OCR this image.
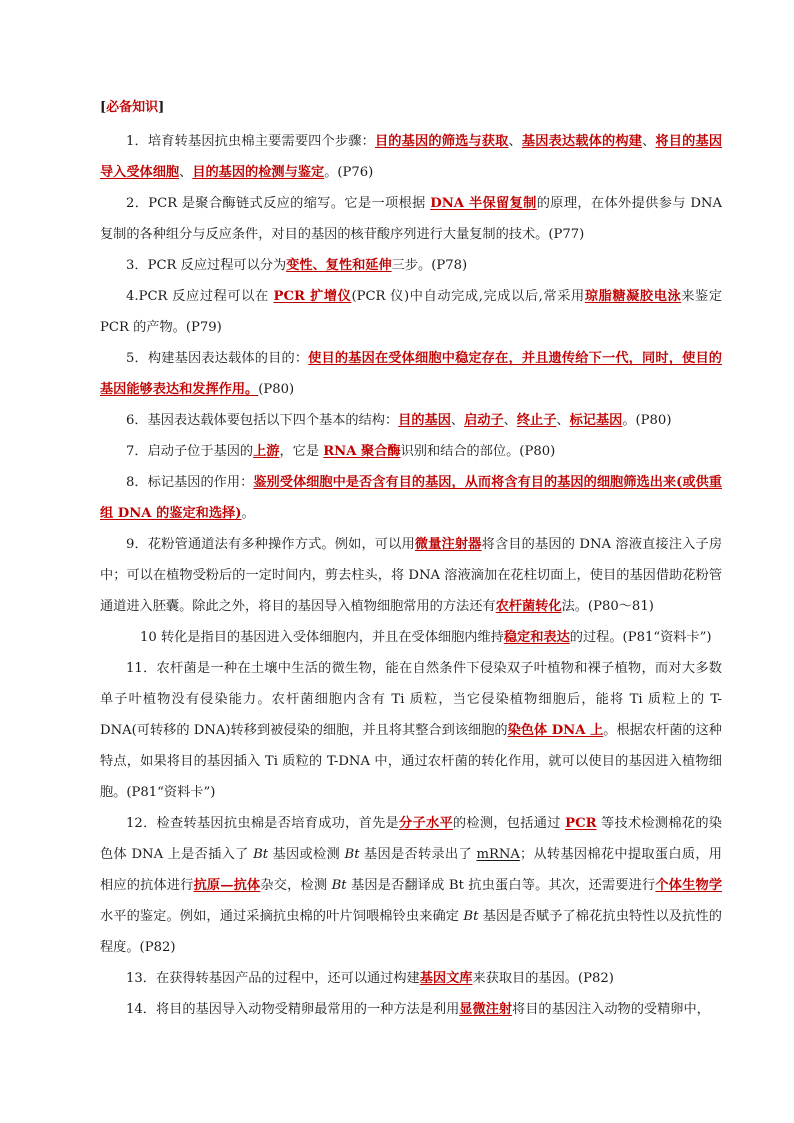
[必备知识]

1．培育转基因抗虫棉主要需要四个步骤：目的基因的筛选与获取、基因表达载体的构建、将目的基因导入受体细胞、目的基因的检测与鉴定。(P76)

2．PCR 是聚合酶链式反应的缩写。它是一项根据 DNA 半保留复制的原理，在体外提供参与 DNA 复制的各种组分与反应条件，对目的基因的核苷酸序列进行大量复制的技术。(P77)

3．PCR 反应过程可以分为变性、复性和延伸三步。(P78)

4.PCR 反应过程可以在 PCR 扩增仪(PCR 仪)中自动完成,完成以后,常采用琼脂糖凝胶电泳来鉴定 PCR 的产物。(P79)

5．构建基因表达载体的目的：使目的基因在受体细胞中稳定存在，并且遗传给下一代，同时，使目的基因能够表达和发挥作用。(P80)

6．基因表达载体要包括以下四个基本的结构：目的基因、启动子、终止子、标记基因。(P80)

7．启动子位于基因的上游，它是 RNA 聚合酶识别和结合的部位。(P80)

8．标记基因的作用：鉴别受体细胞中是否含有目的基因，从而将含有目的基因的细胞筛选出来(或供重组 DNA 的鉴定和选择)。

9．花粉管通道法有多种操作方式。例如，可以用微量注射器将含目的基因的 DNA 溶液直接注入子房中；可以在植物受粉后的一定时间内，剪去柱头，将 DNA 溶液滴加在花柱切面上，使目的基因借助花粉管通道进入胚囊。除此之外，将目的基因导入植物细胞常用的方法还有农杆菌转化法。(P80～81)

10 转化是指目的基因进入受体细胞内，并且在受体细胞内维持稳定和表达的过程。(P81“资料卡”)

11．农杆菌是一种在土壤中生活的微生物，能在自然条件下侵染双子叶植物和裸子植物，而对大多数单子叶植物没有侵染能力。农杆菌细胞内含有 Ti 质粒，当它侵染植物细胞后，能将 Ti 质粒上的 T-DNA(可转移的 DNA)转移到被侵染的细胞，并且将其整合到该细胞的染色体 DNA 上。根据农杆菌的这种特点，如果将目的基因插入 Ti 质粒的 T-DNA 中，通过农杆菌的转化作用，就可以使目的基因进入植物细胞。(P81“资料卡”)

12．检查转基因抗虫棉是否培育成功，首先是分子水平的检测，包括通过 PCR 等技术检测棉花的染色体 DNA 上是否插入了 Bt 基因或检测 Bt 基因是否转录出了 mRNA；从转基因棉花中提取蛋白质，用相应的抗体进行抗原—抗体杂交，检测 Bt 基因是否翻译成 Bt 抗虫蛋白等。其次，还需要进行个体生物学水平的鉴定。例如，通过采摘抗虫棉的叶片饲喂棉铃虫来确定 Bt 基因是否赋予了棉花抗虫特性以及抗性的程度。(P82)

13．在获得转基因产品的过程中，还可以通过构建基因文库来获取目的基因。(P82)

14．将目的基因导入动物受精卵最常用的一种方法是利用显微注射将目的基因注入动物的受精卵中，
